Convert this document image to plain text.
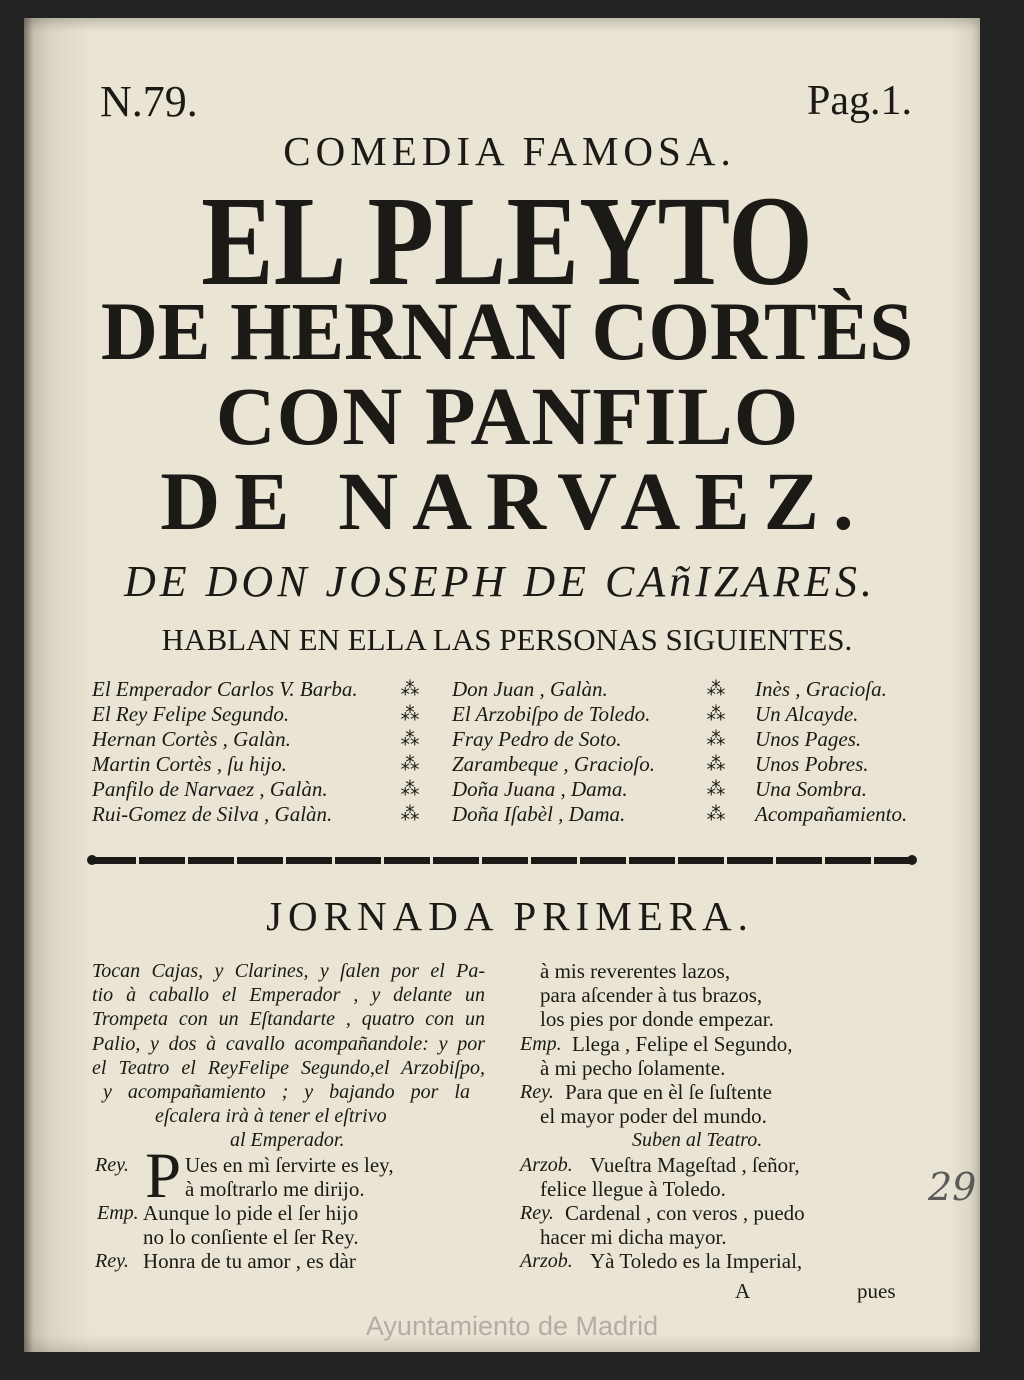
N.79.	Pag.1.
COMEDIA FAMOSA.
EL PLEYTO
DE HERNAN CORTÈS
CON PANFILO
DE NARVAEZ.
DE DON JOSEPH DE CAñIZARES.
HABLAN EN ELLA LAS PERSONAS SIGUIENTES.
El Emperador Carlos V. Barba.
El Rey Felipe Segundo.
Hernan Cortès , Galàn.
Martin Cortès , ſu hijo.
Panfilo de Narvaez , Galàn.
Rui-Gomez de Silva , Galàn.
⁂
⁂
⁂
⁂
⁂
⁂
Don Juan , Galàn.
El Arzobiſpo de Toledo.
Fray Pedro de Soto.
Zarambeque , Gracioſo.
Doña Juana , Dama.
Doña Iſabèl , Dama.
⁂
⁂
⁂
⁂
⁂
⁂
Inès , Gracioſa.
Un Alcayde.
Unos Pages.
Unos Pobres.
Una Sombra.
Acompañamiento.
JORNADA PRIMERA.
Tocan Cajas, y Clarines, y ſalen por el Pa-
tio à caballo el Emperador , y delante un
Trompeta con un Eſtandarte , quatro con un
Palio, y dos à cavallo acompañandole: y por
el Teatro el ReyFelipe Segundo,el Arzobiſpo,
y acompañamiento ; y bajando por la
eſcalera irà à tener el eſtrivo
al Emperador.
Rey. P Ues en mì ſervirte es ley,
à moſtrarlo me dirijo.
Emp. Aunque lo pide el ſer hijo
no lo conſiente el ſer Rey.
Rey. Honra de tu amor , es dàr
à mis reverentes lazos,
para aſcender à tus brazos,
los pies por donde empezar.
Emp. Llega , Felipe el Segundo,
à mi pecho ſolamente.
Rey. Para que en èl ſe ſuſtente
el mayor poder del mundo.
Suben al Teatro.
Arzob. Vueſtra Mageſtad , ſeñor,
felice llegue à Toledo.
Rey. Cardenal , con veros , puedo
hacer mi dicha mayor.
Arzob. Yà Toledo es la Imperial,
A	pues
29
Ayuntamiento de Madrid
